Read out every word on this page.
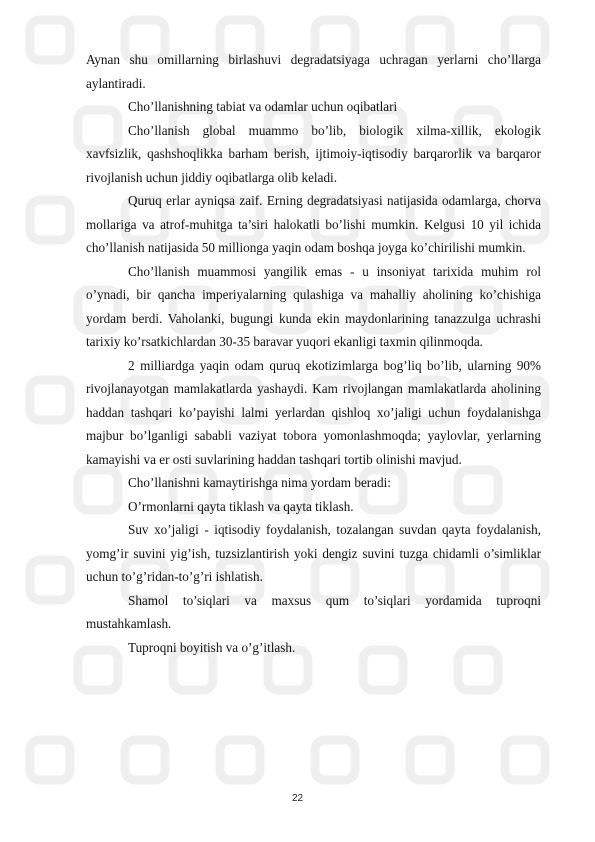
Aynan shu omillarning birlashuvi degradatsiyaga uchragan yerlarni cho’llarga aylantiradi.

Cho’llanishning tabiat va odamlar uchun oqibatlari

Cho’llanish global muammo bo’lib, biologik xilma-xillik, ekologik xavfsizlik, qashshoqlikka barham berish, ijtimoiy-iqtisodiy barqarorlik va barqaror rivojlanish uchun jiddiy oqibatlarga olib keladi.

Quruq erlar ayniqsa zaif. Erning degradatsiyasi natijasida odamlarga, chorva mollariga va atrof-muhitga ta’siri halokatli bo’lishi mumkin. Kelgusi 10 yil ichida cho’llanish natijasida 50 millionga yaqin odam boshqa joyga ko’chirilishi mumkin.

Cho’llanish muammosi yangilik emas - u insoniyat tarixida muhim rol o’ynadi, bir qancha imperiyalarning qulashiga va mahalliy aholining ko’chishiga yordam berdi. Vaholanki, bugungi kunda ekin maydonlarining tanazzulga uchrashi tarixiy ko’rsatkichlardan 30-35 baravar yuqori ekanligi taxmin qilinmoqda.

2 milliardga yaqin odam quruq ekotizimlarga bog’liq bo’lib, ularning 90% rivojlanayotgan mamlakatlarda yashaydi. Kam rivojlangan mamlakatlarda aholining haddan tashqari ko’payishi lalmi yerlardan qishloq xo’jaligi uchun foydalanishga majbur bo’lganligi sababli vaziyat tobora yomonlashmoqda; yaylovlar, yerlarning kamayishi va er osti suvlarining haddan tashqari tortib olinishi mavjud.

Cho’llanishni kamaytirishga nima yordam beradi:

O’rmonlarni qayta tiklash va qayta tiklash.

Suv xo’jaligi - iqtisodiy foydalanish, tozalangan suvdan qayta foydalanish, yomg’ir suvini yig’ish, tuzsizlantirish yoki dengiz suvini tuzga chidamli o’simliklar uchun to’g’ridan-to’g’ri ishlatish.

Shamol to’siqlari va maxsus qum to’siqlari yordamida tuproqni mustahkamlash.

Tuproqni boyitish va o’g’itlash.

22
